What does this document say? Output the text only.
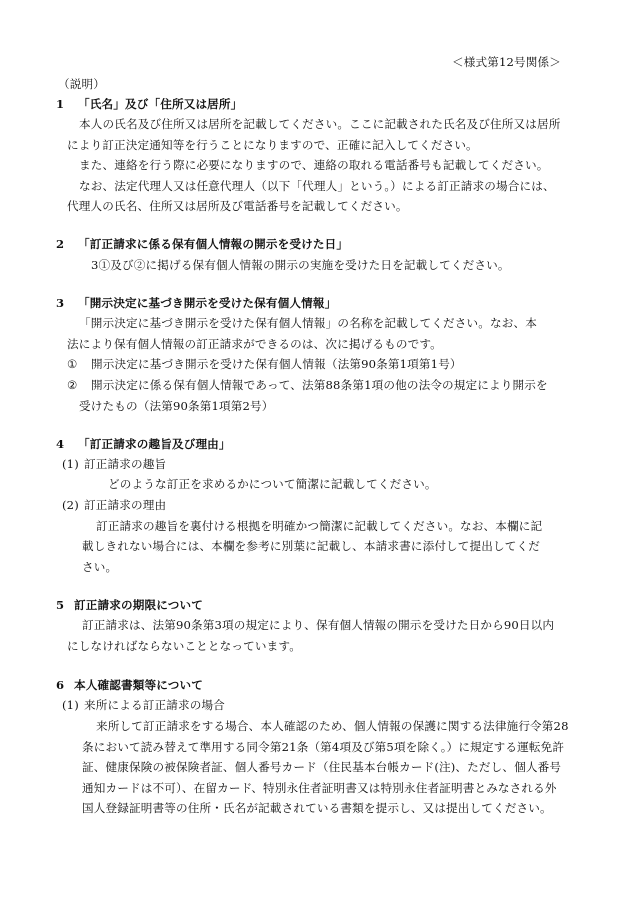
＜様式第12号関係＞
（説明）
1 「氏名」及び「住所又は居所」
本人の氏名及び住所又は居所を記載してください。ここに記載された氏名及び住所又は居所
により訂正決定通知等を行うことになりますので、正確に記入してください。
また、連絡を行う際に必要になりますので、連絡の取れる電話番号も記載してください。
なお、法定代理人又は任意代理人（以下「代理人」という。）による訂正請求の場合には、
代理人の氏名、住所又は居所及び電話番号を記載してください。
2 「訂正請求に係る保有個人情報の開示を受けた日」
3①及び②に掲げる保有個人情報の開示の実施を受けた日を記載してください。
3 「開示決定に基づき開示を受けた保有個人情報」
「開示決定に基づき開示を受けた保有個人情報」の名称を記載してください。なお、本
法により保有個人情報の訂正請求ができるのは、次に掲げるものです。
① 開示決定に基づき開示を受けた保有個人情報（法第90条第1項第1号）
② 開示決定に係る保有個人情報であって、法第88条第1項の他の法令の規定により開示を
受けたもの（法第90条第1項第2号）
4 「訂正請求の趣旨及び理由」
(1) 訂正請求の趣旨
どのような訂正を求めるかについて簡潔に記載してください。
(2) 訂正請求の理由
訂正請求の趣旨を裏付ける根拠を明確かつ簡潔に記載してください。なお、本欄に記
載しきれない場合には、本欄を参考に別葉に記載し、本請求書に添付して提出してくだ
さい。
5 訂正請求の期限について
訂正請求は、法第90条第3項の規定により、保有個人情報の開示を受けた日から90日以内
にしなければならないこととなっています。
6 本人確認書類等について
(1) 来所による訂正請求の場合
来所して訂正請求をする場合、本人確認のため、個人情報の保護に関する法律施行令第28
条において読み替えて準用する同令第21条（第4項及び第5項を除く。）に規定する運転免許
証、健康保険の被保険者証、個人番号カード（住民基本台帳カード(注)、ただし、個人番号
通知カードは不可）、在留カード、特別永住者証明書又は特別永住者証明書とみなされる外
国人登録証明書等の住所・氏名が記載されている書類を提示し、又は提出してください。
